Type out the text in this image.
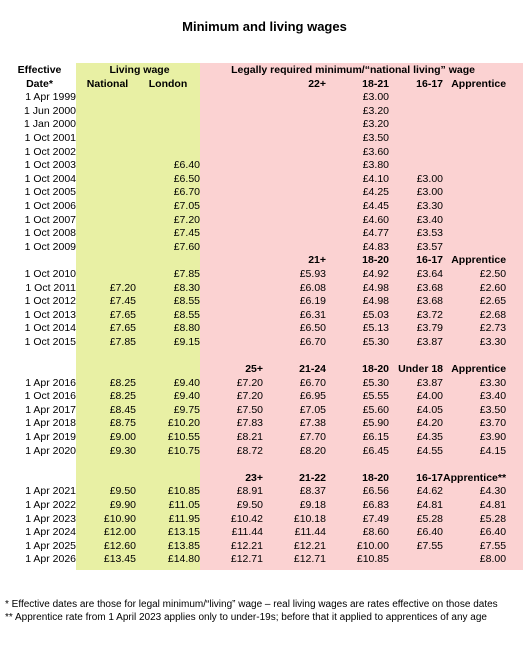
Minimum and living wages
Effective	Living wage		Legally required minimum/“national living” wage				
Date*	National	London		22+	18-21	16-17	Apprentice
1 Apr 1999					£3.00		
1 Jun 2000					£3.20		
1 Jan 2000					£3.20		
1 Oct 2001					£3.50		
1 Oct 2002					£3.60		
1 Oct 2003		£6.40			£3.80		
1 Oct 2004		£6.50			£4.10	£3.00	
1 Oct 2005		£6.70			£4.25	£3.00	
1 Oct 2006		£7.05			£4.45	£3.30	
1 Oct 2007		£7.20			£4.60	£3.40	
1 Oct 2008		£7.45			£4.77	£3.53	
1 Oct 2009		£7.60			£4.83	£3.57	
				21+	18-20	16-17	Apprentice
1 Oct 2010		£7.85		£5.93	£4.92	£3.64	£2.50
1 Oct 2011	£7.20	£8.30		£6.08	£4.98	£3.68	£2.60
1 Oct 2012	£7.45	£8.55		£6.19	£4.98	£3.68	£2.65
1 Oct 2013	£7.65	£8.55		£6.31	£5.03	£3.72	£2.68
1 Oct 2014	£7.65	£8.80		£6.50	£5.13	£3.79	£2.73
1 Oct 2015	£7.85	£9.15		£6.70	£5.30	£3.87	£3.30

			25+	21-24	18-20	Under 18	Apprentice
1 Apr 2016	£8.25	£9.40	£7.20	£6.70	£5.30	£3.87	£3.30
1 Oct 2016	£8.25	£9.40	£7.20	£6.95	£5.55	£4.00	£3.40
1 Apr 2017	£8.45	£9.75	£7.50	£7.05	£5.60	£4.05	£3.50
1 Apr 2018	£8.75	£10.20	£7.83	£7.38	£5.90	£4.20	£3.70
1 Apr 2019	£9.00	£10.55	£8.21	£7.70	£6.15	£4.35	£3.90
1 Apr 2020	£9.30	£10.75	£8.72	£8.20	£6.45	£4.55	£4.15

			23+	21-22	18-20	16-17	Apprentice**
1 Apr 2021	£9.50	£10.85	£8.91	£8.37	£6.56	£4.62	£4.30
1 Apr 2022	£9.90	£11.05	£9.50	£9.18	£6.83	£4.81	£4.81
1 Apr 2023	£10.90	£11.95	£10.42	£10.18	£7.49	£5.28	£5.28
1 Apr 2024	£12.00	£13.15	£11.44	£11.44	£8.60	£6.40	£6.40
1 Apr 2025	£12.60	£13.85	£12.21	£12.21	£10.00	£7.55	£7.55
1 Apr 2026	£13.45	£14.80	£12.71	£12.71	£10.85		£8.00
* Effective dates are those for legal minimum/“living” wage – real living wages are rates effective on those dates
** Apprentice rate from 1 April 2023 applies only to under-19s; before that it applied to apprentices of any age
